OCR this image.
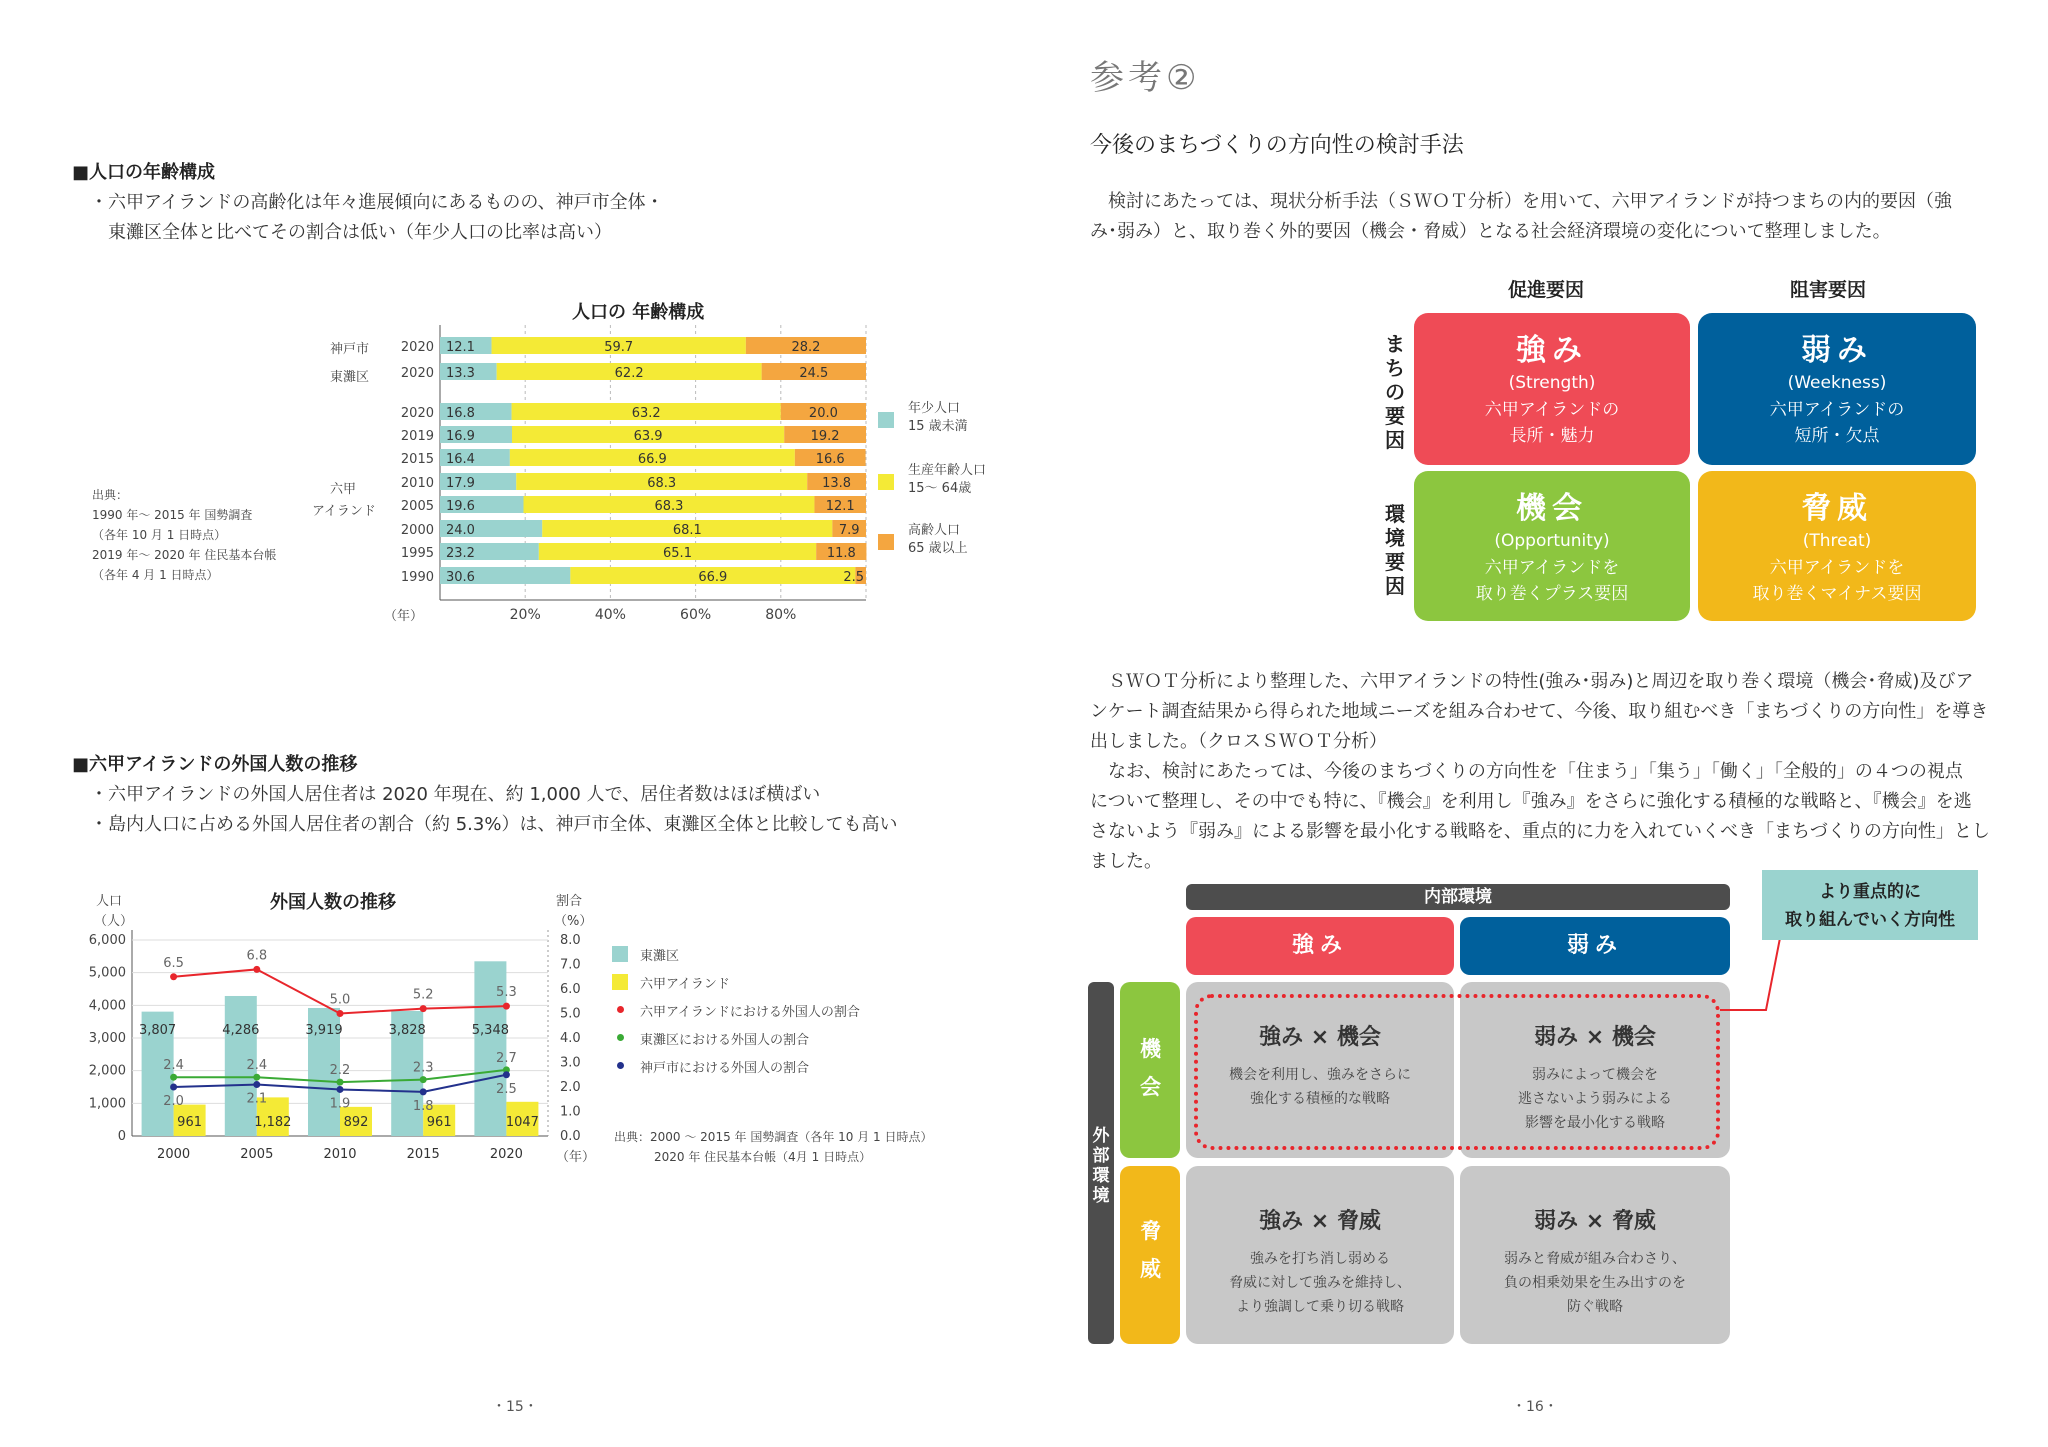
■人口の年齢構成
・六甲アイランドの高齢化は年々進展傾向にあるものの、神戸市全体・
東灘区全体と比べてその割合は低い（年少人口の比率は高い）
人口の 年齢構成
神戸市
東灘区
六甲
アイランド
（年）
出典：
1990 年～ 2015 年 国勢調査
（各年 10 月 1 日時点）
2019 年～ 2020 年 住民基本台帳
（各年 4 月 1 日時点）
20%	40%	60%	80%
2020 12.1	59.7	28.2
2020 13.3	62.2	24.5
2020 16.8	63.2	20.0
2019 16.9	63.9	19.2
2015 16.4	66.9	16.6
2010 17.9	68.3	13.8
2005 19.6	68.3	12.1
2000 24.0	68.1	7.9
1995 23.2	65.1	11.8
1990 30.6	66.9	2.5
年少人口
15 歳未満
生産年齢人口
15～ 64歳
高齢人口
65 歳以上
■六甲アイランドの外国人数の推移
・六甲アイランドの外国人居住者は 2020 年現在、約 1,000 人で、居住者数はほぼ横ばい
・島内人口に占める外国人居住者の割合（約 5.3%）は、神戸市全体、東灘区全体と比較しても高い
外国人数の推移
人口
（人）
割合
（%）
（年）
0
1,000
2,000
3,000
4,000
5,000
6,000
0.0
1.0
2.0
3.0
4.0
5.0
6.0
7.0
8.0
2000
3,807
961
2005
4,286
1,182
2010
3,919
892
2015
3,828
961
2020
5,348
1047
6.5	6.8
5.0	5.2	5.3
2.4	2.4	2.2	2.3
2.7
2.0	2.1	1.9	1.8
2.5
東灘区
六甲アイランド
六甲アイランドにおける外国人の割合
東灘区における外国人の割合
神戸市における外国人の割合
出典：2000 ～ 2015 年 国勢調査（各年 10 月 1 日時点）
2020 年 住民基本台帳（4月 1 日時点）
・15・
参考②
今後のまちづくりの方向性の検討手法
検討にあたっては、現状分析手法（ＳＷＯＴ分析）を用いて、六甲アイランドが持つまちの内的要因（強
み･弱み）と、取り巻く外的要因（機会・脅威）となる社会経済環境の変化について整理しました。
促進要因	阻害要因
まちの要因
環境要因
強み
(Strength)
六甲アイランドの
長所・魅力
弱み
(Weekness)
六甲アイランドの
短所・欠点
機会
(Opportunity)
六甲アイランドを
取り巻くプラス要因
脅威
(Threat)
六甲アイランドを
取り巻くマイナス要因
ＳＷＯＴ分析により整理した、六甲アイランドの特性(強み･弱み)と周辺を取り巻く環境（機会･脅威)及びア
ンケート調査結果から得られた地域ニーズを組み合わせて、今後、取り組むべき「まちづくりの方向性」を導き
出しました。（クロスＳＷＯＴ分析）
なお、検討にあたっては、今後のまちづくりの方向性を「住まう」「集う」「働く」「全般的」の４つの視点
について整理し、その中でも特に、『機会』を利用し『強み』をさらに強化する積極的な戦略と、『機会』を逃
さないよう『弱み』による影響を最小化する戦略を、重点的に力を入れていくべき「まちづくりの方向性」とし
ました。
内部環境
強み	弱み
外部環境
機会
脅威
強み × 機会
機会を利用し、強みをさらに
強化する積極的な戦略
弱み × 機会
弱みによって機会を
逃さないよう弱みによる
影響を最小化する戦略
強み × 脅威
強みを打ち消し弱める
脅威に対して強みを維持し、
より強調して乗り切る戦略
弱み × 脅威
弱みと脅威が組み合わさり、
負の相乗効果を生み出すのを
防ぐ戦略
より重点的に
取り組んでいく方向性
・16・
